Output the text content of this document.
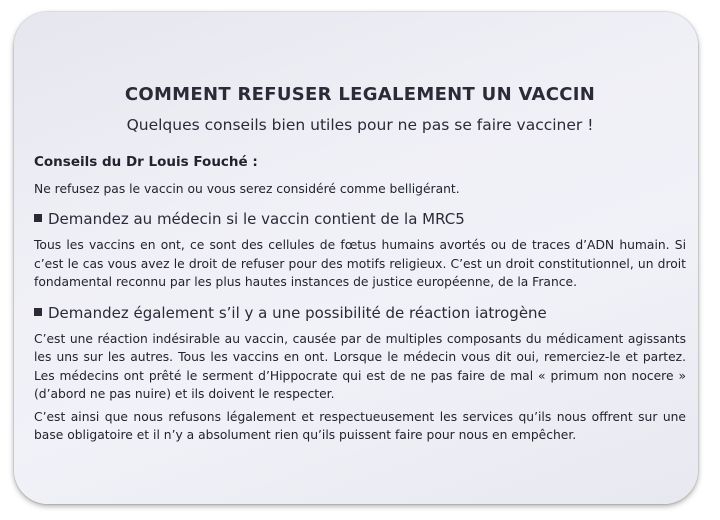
COMMENT REFUSER LEGALEMENT UN VACCIN

Quelques conseils bien utiles pour ne pas se faire vacciner !

Conseils du Dr Louis Fouché :

Ne refusez pas le vaccin ou vous serez considéré comme belligérant.

Demandez au médecin si le vaccin contient de la MRC5

Tous les vaccins en ont, ce sont des cellules de fœtus humains avortés ou de traces d’ADN humain. Si c’est le cas vous avez le droit de refuser pour des motifs religieux. C’est un droit constitutionnel, un droit fondamental reconnu par les plus hautes instances de justice européenne, de la France.

Demandez également s’il y a une possibilité de réaction iatrogène

C’est une réaction indésirable au vaccin, causée par de multiples composants du médicament agissants les uns sur les autres. Tous les vaccins en ont. Lorsque le médecin vous dit oui, remerciez-le et partez. Les médecins ont prêté le serment d’Hippocrate qui est de ne pas faire de mal « primum non nocere » (d’abord ne pas nuire) et ils doivent le respecter.

C’est ainsi que nous refusons légalement et respectueusement les services qu’ils nous offrent sur une base obligatoire et il n’y a absolument rien qu’ils puissent faire pour nous en empêcher.
